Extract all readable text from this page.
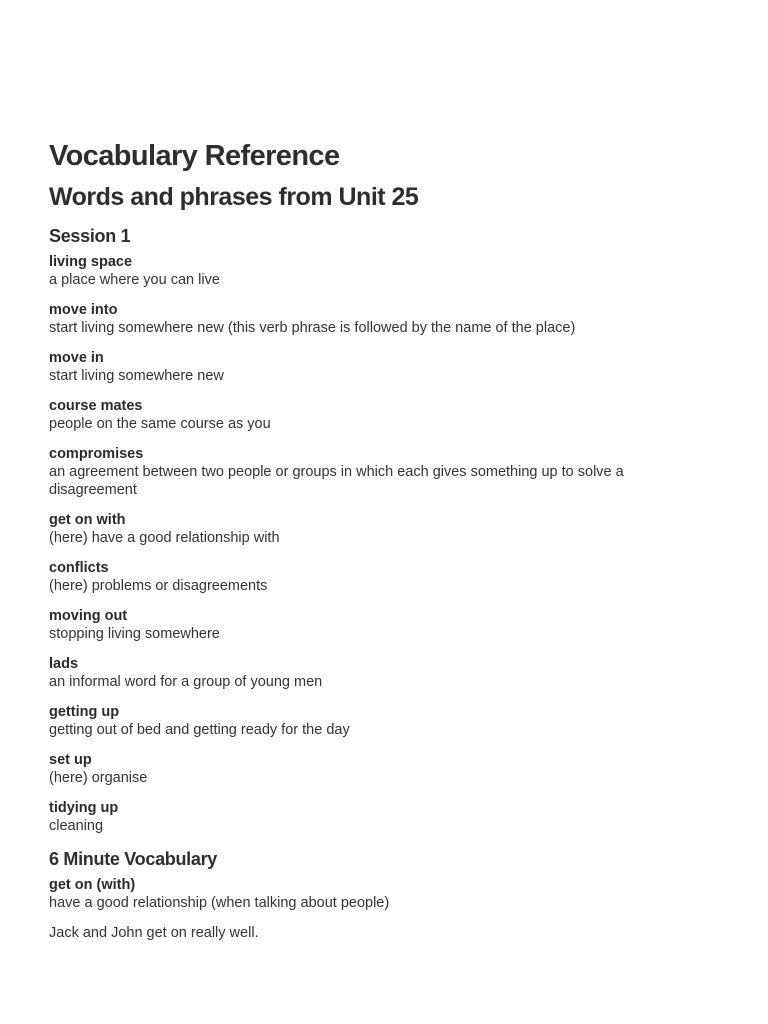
Vocabulary Reference
Words and phrases from Unit 25
Session 1
living space
a place where you can live
move into
start living somewhere new (this verb phrase is followed by the name of the place)
move in
start living somewhere new
course mates
people on the same course as you
compromises
an agreement between two people or groups in which each gives something up to solve a disagreement
get on with
(here) have a good relationship with
conflicts
(here) problems or disagreements
moving out
stopping living somewhere
lads
an informal word for a group of young men
getting up
getting out of bed and getting ready for the day
set up
(here) organise
tidying up
cleaning
6 Minute Vocabulary
get on (with)
have a good relationship (when talking about people)

Jack and John get on really well.
